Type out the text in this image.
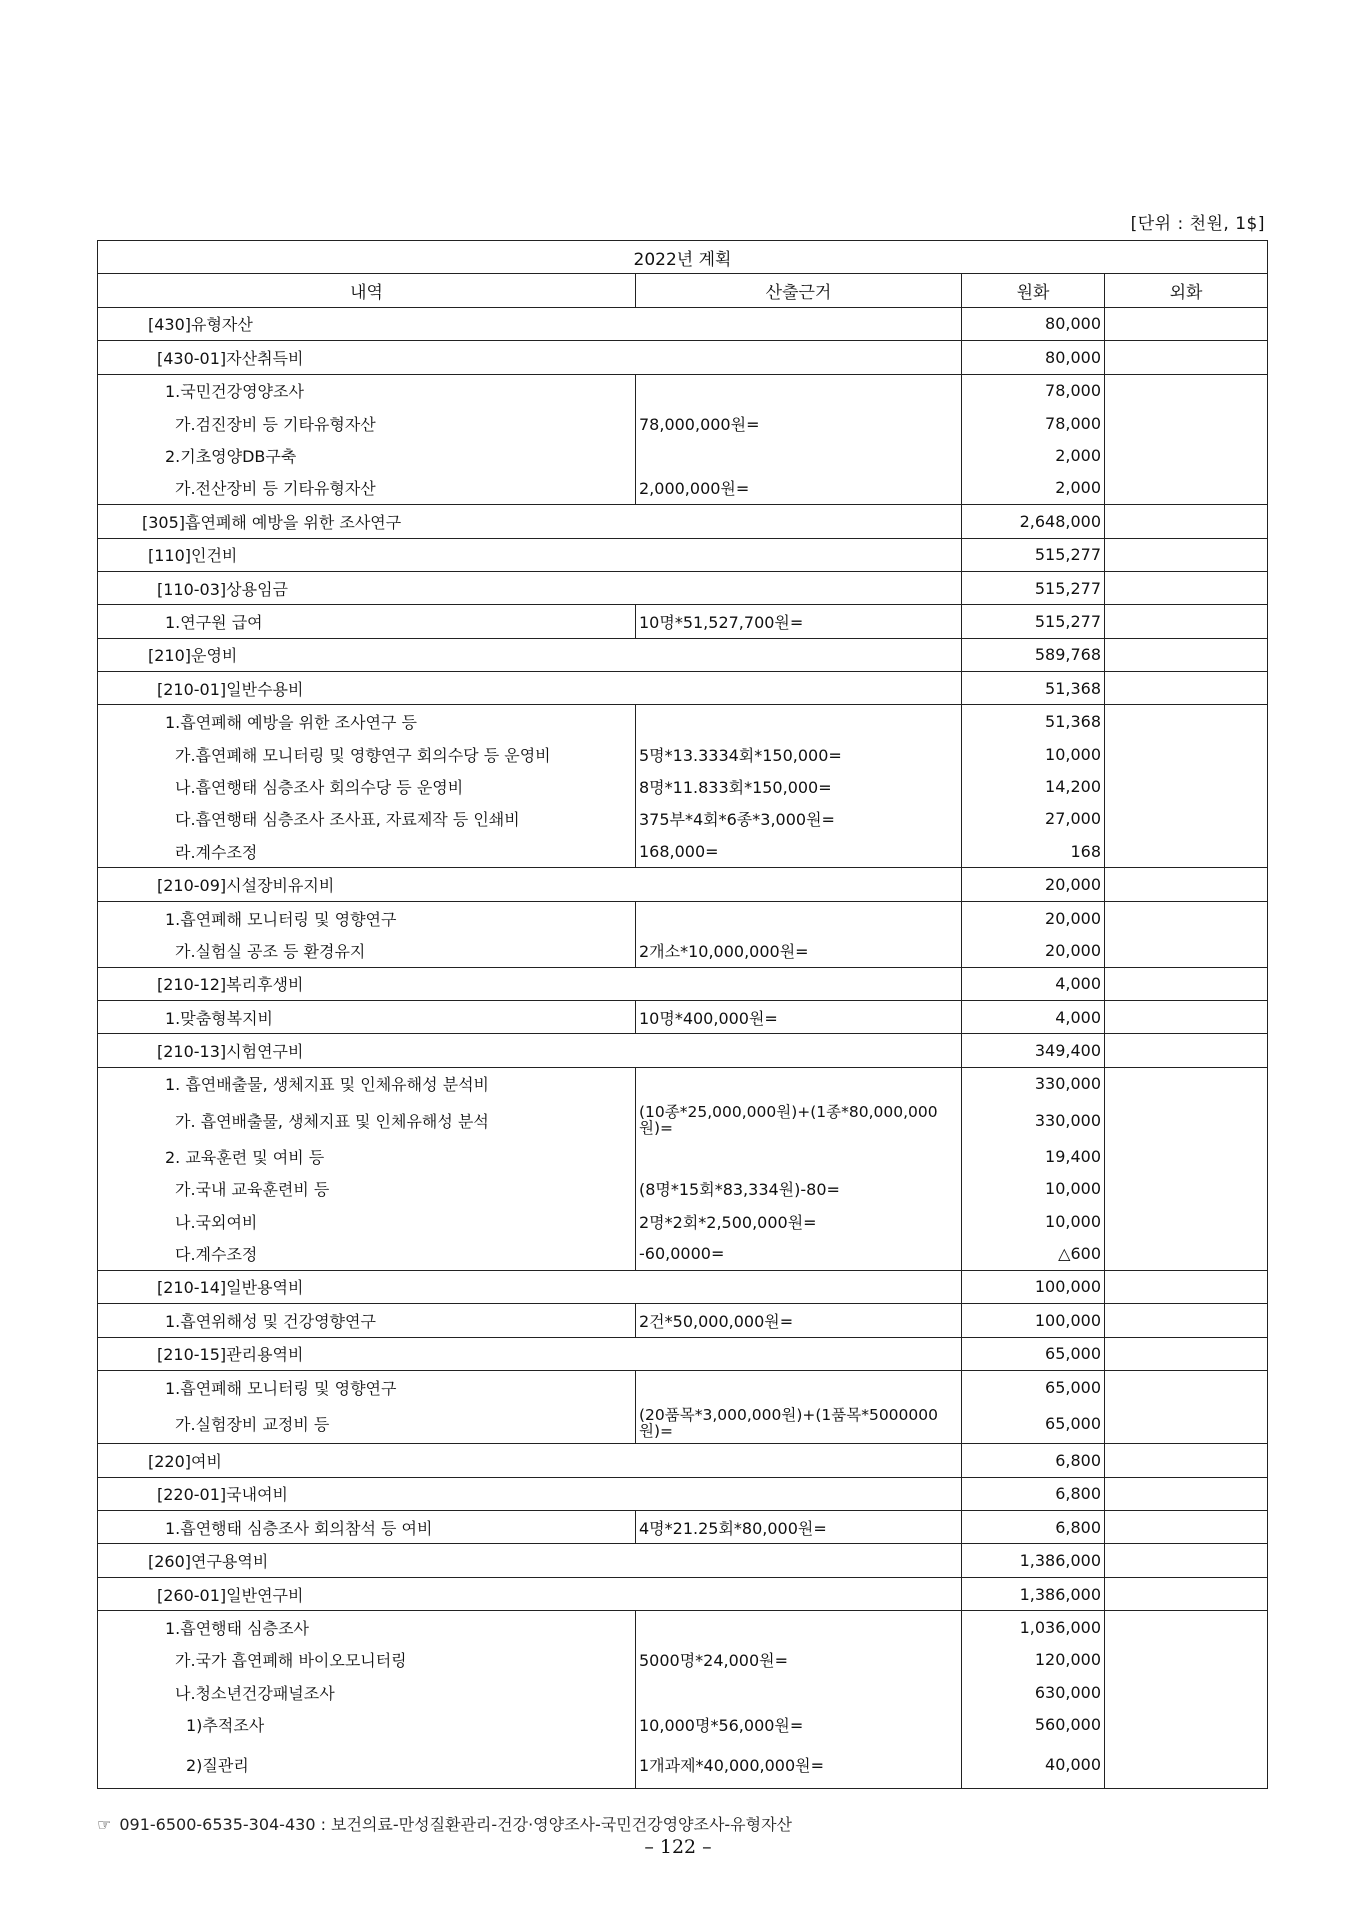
[단위 : 천원, 1$]
2022년 계획			
내역	산출근거	원화	외화
[430]유형자산		80,000	
[430-01]자산취득비		80,000	
1.국민건강영양조사		78,000	
가.검진장비 등 기타유형자산	78,000,000원=	78,000	
2.기초영양DB구축		2,000	
가.전산장비 등 기타유형자산	2,000,000원=	2,000	
[305]흡연폐해 예방을 위한 조사연구		2,648,000	
[110]인건비		515,277	
[110-03]상용임금		515,277	
1.연구원 급여	10명*51,527,700원=	515,277	
[210]운영비		589,768	
[210-01]일반수용비		51,368	
1.흡연폐해 예방을 위한 조사연구 등		51,368	
가.흡연폐해 모니터링 및 영향연구 회의수당 등 운영비	5명*13.3334회*150,000=	10,000	
나.흡연행태 심층조사 회의수당 등 운영비	8명*11.833회*150,000=	14,200	
다.흡연행태 심층조사 조사표, 자료제작 등 인쇄비	375부*4회*6종*3,000원=	27,000	
라.계수조정	168,000=	168	
[210-09]시설장비유지비		20,000	
1.흡연폐해 모니터링 및 영향연구		20,000	
가.실험실 공조 등 환경유지	2개소*10,000,000원=	20,000	
[210-12]복리후생비		4,000	
1.맞춤형복지비	10명*400,000원=	4,000	
[210-13]시험연구비		349,400	
1. 흡연배출물, 생체지표 및 인체유해성 분석비		330,000	
가. 흡연배출물, 생체지표 및 인체유해성 분석	(10종*25,000,000원)+(1종*80,000,000원)=	330,000	
2. 교육훈련 및 여비 등		19,400	
가.국내 교육훈련비 등	(8명*15회*83,334원)-80=	10,000	
나.국외여비	2명*2회*2,500,000원=	10,000	
다.계수조정	-60,0000=	△600	
[210-14]일반용역비		100,000	
1.흡연위해성 및 건강영향연구	2건*50,000,000원=	100,000	
[210-15]관리용역비		65,000	
1.흡연폐해 모니터링 및 영향연구		65,000	
가.실험장비 교정비 등	(20품목*3,000,000원)+(1품목*5000000원)=	65,000	
[220]여비		6,800	
[220-01]국내여비		6,800	
1.흡연행태 심층조사 회의참석 등 여비	4명*21.25회*80,000원=	6,800	
[260]연구용역비		1,386,000	
[260-01]일반연구비		1,386,000	
1.흡연행태 심층조사		1,036,000	
가.국가 흡연폐해 바이오모니터링	5000명*24,000원=	120,000	
나.청소년건강패널조사		630,000	
1)추적조사	10,000명*56,000원=	560,000	
2)질관리	1개과제*40,000,000원=	40,000	
☞ 091-6500-6535-304-430 : 보건의료-만성질환관리-건강·영양조사-국민건강영양조사-유형자산
– 122 –
